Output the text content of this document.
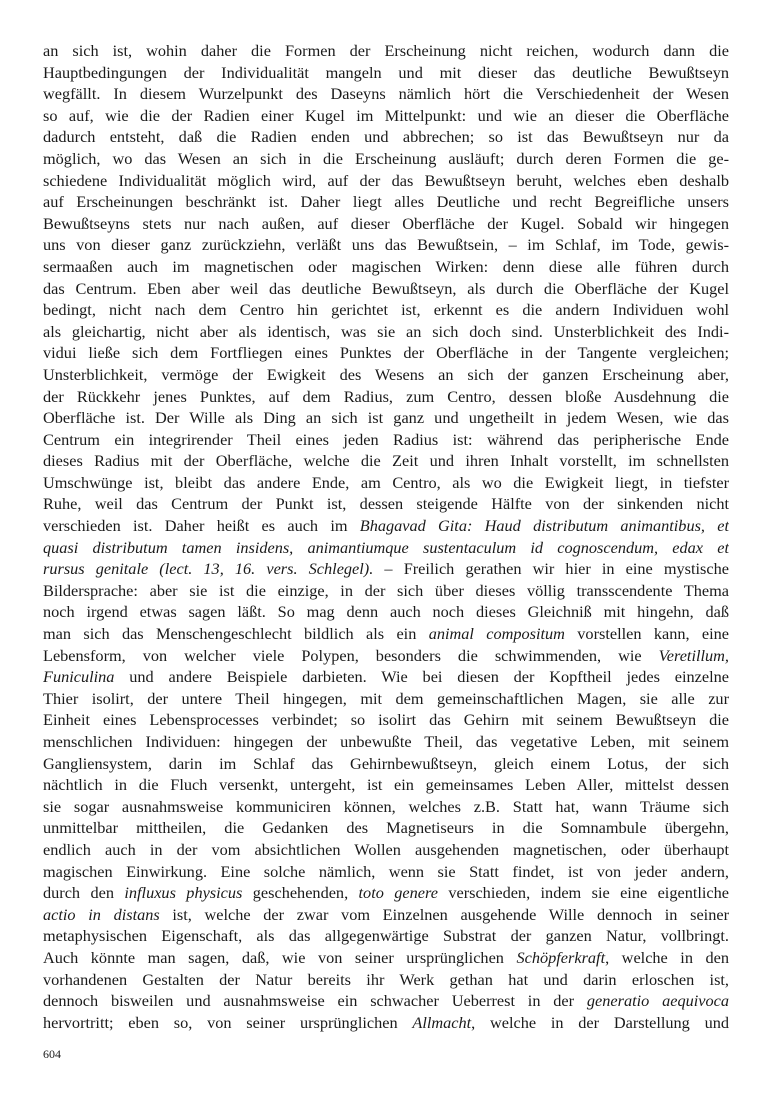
an sich ist, wohin daher die Formen der Erscheinung nicht reichen, wodurch dann die
Hauptbedingungen der Individualität mangeln und mit dieser das deutliche Bewußtseyn
wegfällt. In diesem Wurzelpunkt des Daseyns nämlich hört die Verschiedenheit der Wesen
so auf, wie die der Radien einer Kugel im Mittelpunkt: und wie an dieser die Oberfläche
dadurch entsteht, daß die Radien enden und abbrechen; so ist das Bewußtseyn nur da
möglich, wo das Wesen an sich in die Erscheinung ausläuft; durch deren Formen die ge-
schiedene Individualität möglich wird, auf der das Bewußtseyn beruht, welches eben deshalb
auf Erscheinungen beschränkt ist. Daher liegt alles Deutliche und recht Begreifliche unsers
Bewußtseyns stets nur nach außen, auf dieser Oberfläche der Kugel. Sobald wir hingegen
uns von dieser ganz zurückziehn, verläßt uns das Bewußtsein, – im Schlaf, im Tode, gewis-
sermaaßen auch im magnetischen oder magischen Wirken: denn diese alle führen durch
das Centrum. Eben aber weil das deutliche Bewußtseyn, als durch die Oberfläche der Kugel
bedingt, nicht nach dem Centro hin gerichtet ist, erkennt es die andern Individuen wohl
als gleichartig, nicht aber als identisch, was sie an sich doch sind. Unsterblichkeit des Indi-
vidui ließe sich dem Fortfliegen eines Punktes der Oberfläche in der Tangente vergleichen;
Unsterblichkeit, vermöge der Ewigkeit des Wesens an sich der ganzen Erscheinung aber,
der Rückkehr jenes Punktes, auf dem Radius, zum Centro, dessen bloße Ausdehnung die
Oberfläche ist. Der Wille als Ding an sich ist ganz und ungetheilt in jedem Wesen, wie das
Centrum ein integrirender Theil eines jeden Radius ist: während das peripherische Ende
dieses Radius mit der Oberfläche, welche die Zeit und ihren Inhalt vorstellt, im schnellsten
Umschwünge ist, bleibt das andere Ende, am Centro, als wo die Ewigkeit liegt, in tiefster
Ruhe, weil das Centrum der Punkt ist, dessen steigende Hälfte von der sinkenden nicht
verschieden ist. Daher heißt es auch im Bhagavad Gita: Haud distributum animantibus, et
quasi distributum tamen insidens, animantiumque sustentaculum id cognoscendum, edax et
rursus genitale (lect. 13, 16. vers. Schlegel). – Freilich gerathen wir hier in eine mystische
Bildersprache: aber sie ist die einzige, in der sich über dieses völlig transscendente Thema
noch irgend etwas sagen läßt. So mag denn auch noch dieses Gleichniß mit hingehn, daß
man sich das Menschengeschlecht bildlich als ein animal compositum vorstellen kann, eine
Lebensform, von welcher viele Polypen, besonders die schwimmenden, wie Veretillum,
Funiculina und andere Beispiele darbieten. Wie bei diesen der Kopftheil jedes einzelne
Thier isolirt, der untere Theil hingegen, mit dem gemeinschaftlichen Magen, sie alle zur
Einheit eines Lebensprocesses verbindet; so isolirt das Gehirn mit seinem Bewußtseyn die
menschlichen Individuen: hingegen der unbewußte Theil, das vegetative Leben, mit seinem
Gangliensystem, darin im Schlaf das Gehirnbewußtseyn, gleich einem Lotus, der sich
nächtlich in die Fluch versenkt, untergeht, ist ein gemeinsames Leben Aller, mittelst dessen
sie sogar ausnahmsweise kommuniciren können, welches z.B. Statt hat, wann Träume sich
unmittelbar mittheilen, die Gedanken des Magnetiseurs in die Somnambule übergehn,
endlich auch in der vom absichtlichen Wollen ausgehenden magnetischen, oder überhaupt
magischen Einwirkung. Eine solche nämlich, wenn sie Statt findet, ist von jeder andern,
durch den influxus physicus geschehenden, toto genere verschieden, indem sie eine eigentliche
actio in distans ist, welche der zwar vom Einzelnen ausgehende Wille dennoch in seiner
metaphysischen Eigenschaft, als das allgegenwärtige Substrat der ganzen Natur, vollbringt.
Auch könnte man sagen, daß, wie von seiner ursprünglichen Schöpferkraft, welche in den
vorhandenen Gestalten der Natur bereits ihr Werk gethan hat und darin erloschen ist,
dennoch bisweilen und ausnahmsweise ein schwacher Ueberrest in der generatio aequivoca
hervortritt; eben so, von seiner ursprünglichen Allmacht, welche in der Darstellung und
604
